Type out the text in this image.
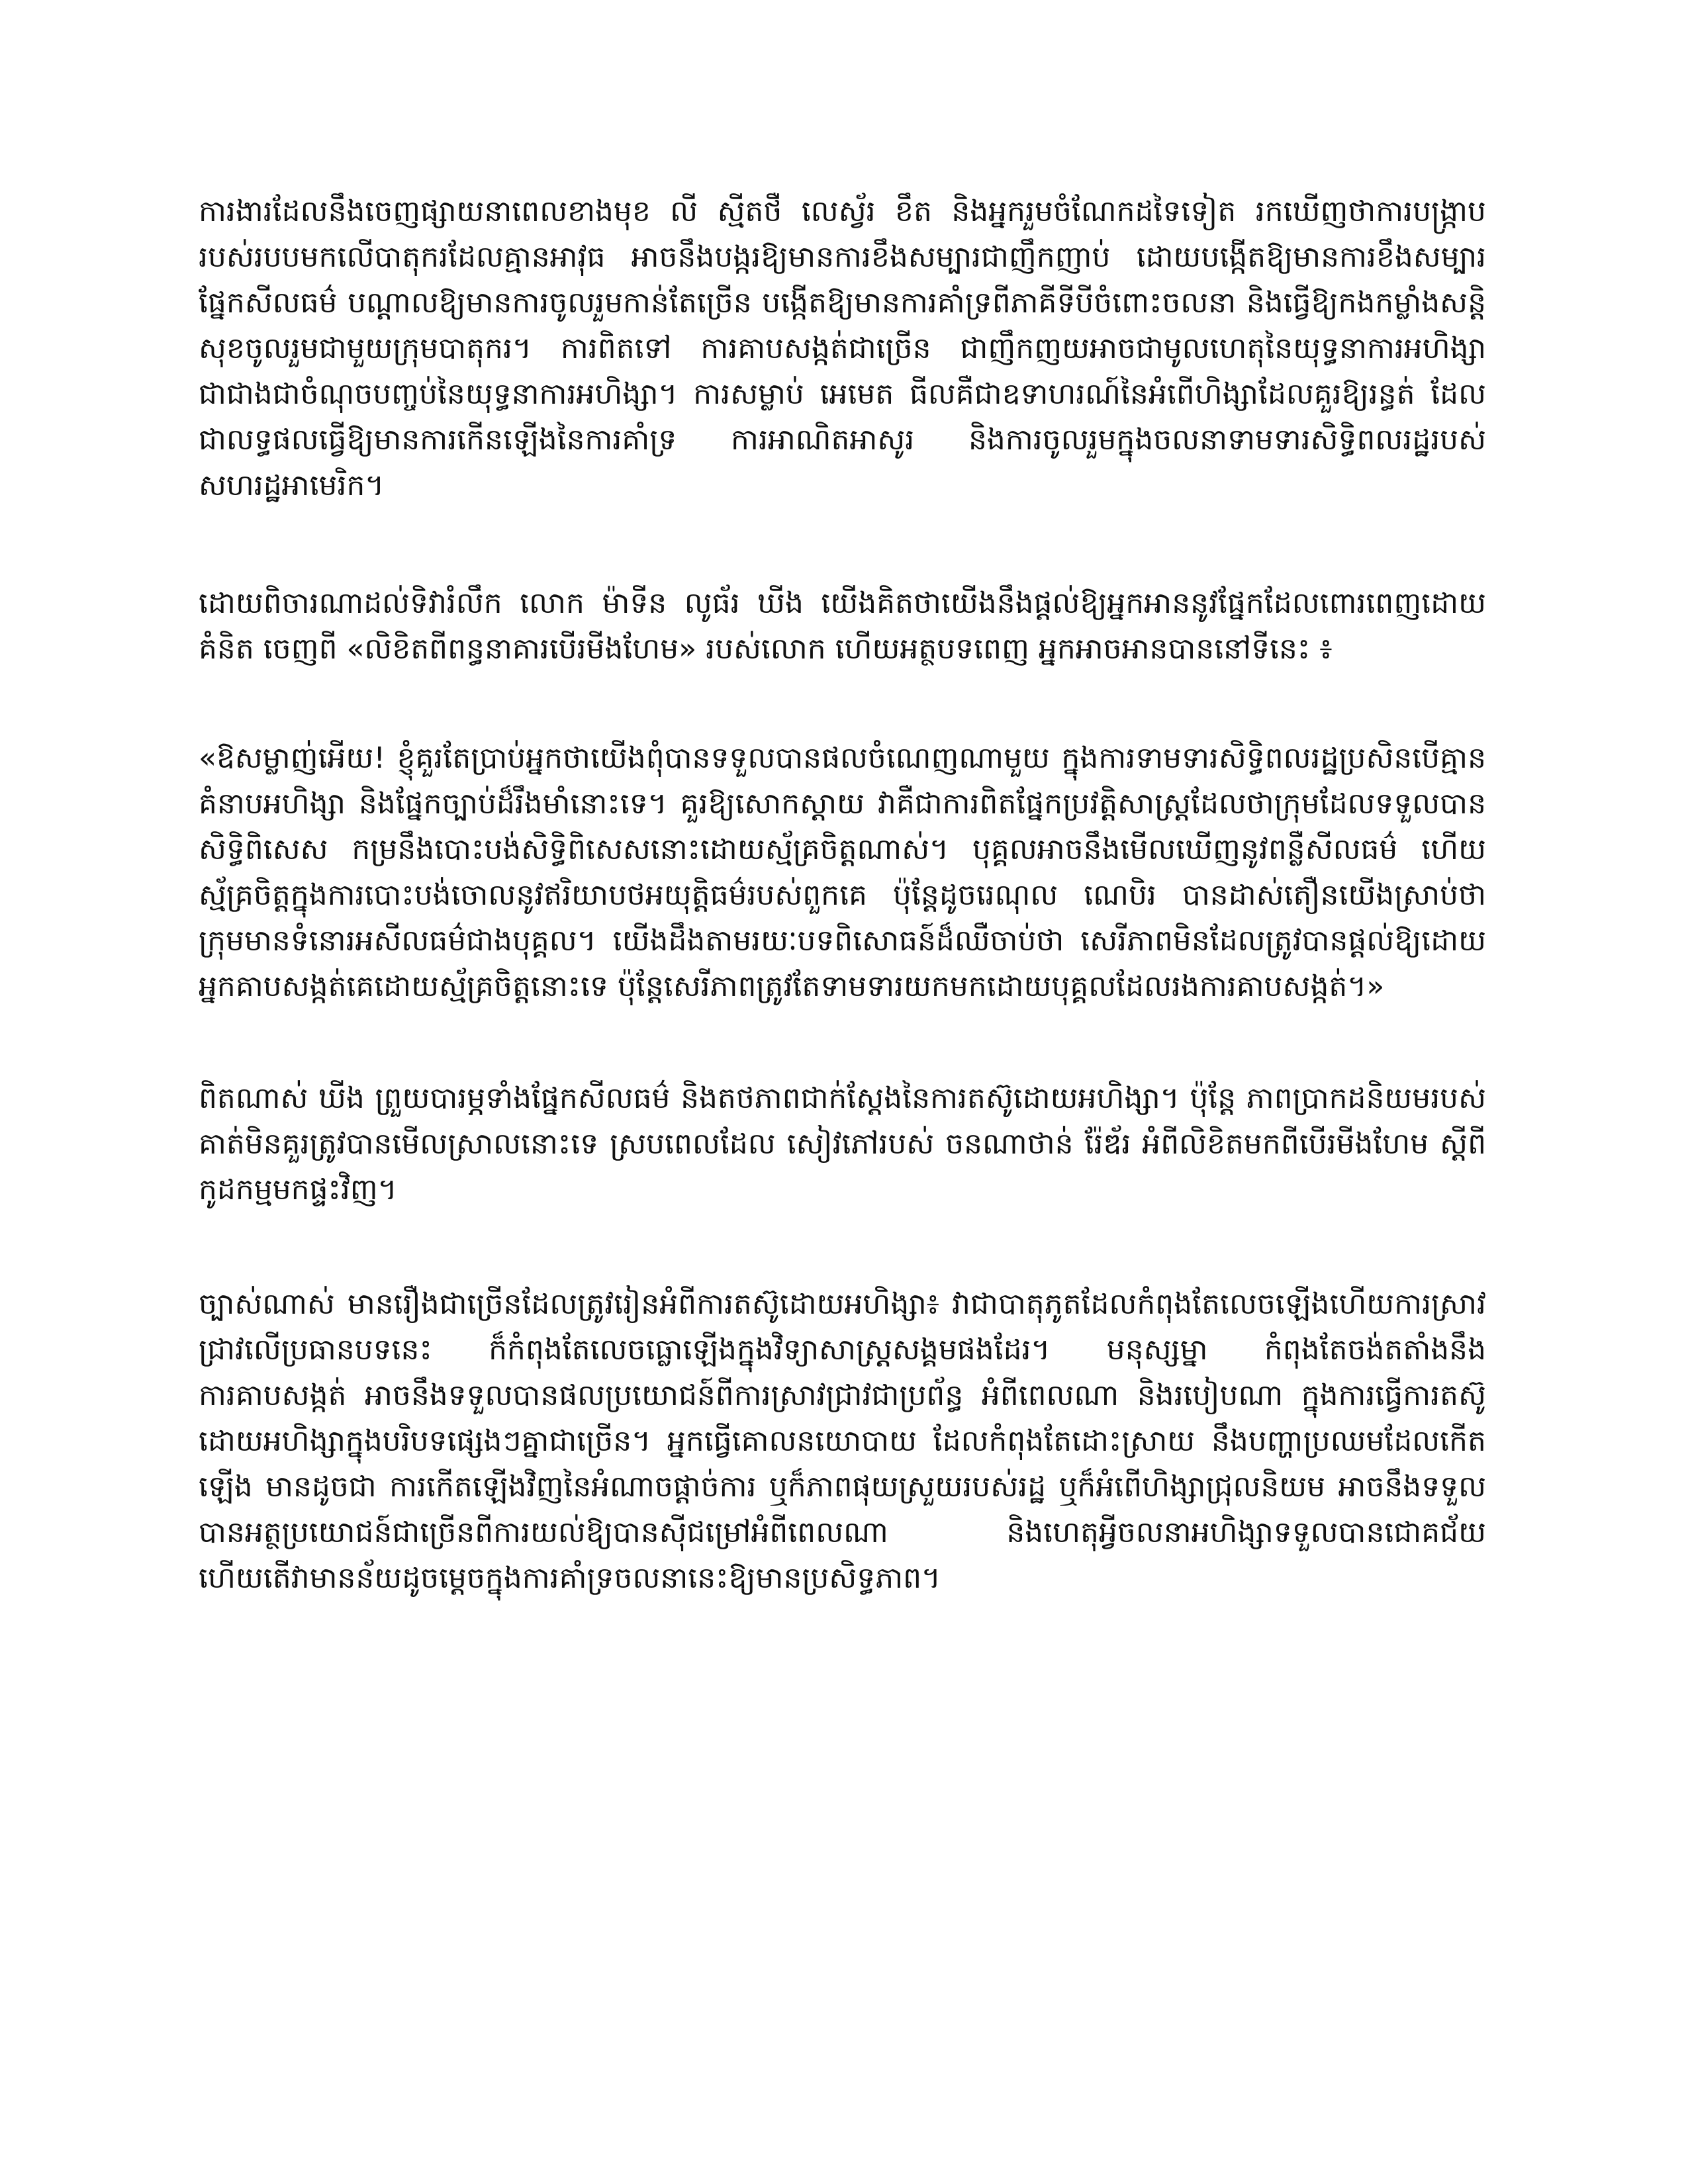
ការងារដែលនឹងចេញផ្សាយនាពេលខាងមុខ លី ស្មីតថឺ លេស្វ័រ ខឹត និងអ្នករួមចំណែកដទៃទៀត រកឃើញថាការបង្ក្រាបរបស់របបមកលើបាតុករដែលគ្មានអាវុធ អាចនឹងបង្ករឱ្យមានការខឹងសម្បារជាញឹកញាប់ ដោយបង្កើតឱ្យមានការខឹងសម្បារផ្នែកសីលធម៌ បណ្ដាលឱ្យមានការចូលរួមកាន់តែច្រើន បង្កើតឱ្យមានការគាំទ្រពីភាគីទីបីចំពោះចលនា និងធ្វើឱ្យកងកម្លាំងសន្តិសុខចូលរួមជាមួយក្រុមបាតុករ។ ការពិតទៅ ការគាបសង្កត់ជាច្រើន ជាញឹកញយអាចជាមូលហេតុនៃយុទ្ធនាការអហិង្សា ជាជាងជាចំណុចបញ្ចប់នៃយុទ្ធនាការអហិង្សា។ ការសម្លាប់ អេមេត ធីលគឺជាឧទាហរណ៍នៃអំពើហិង្សាដែលគួរឱ្យរន្ធត់ ដែលជាលទ្ធផលធ្វើឱ្យមានការកើនឡើងនៃការគាំទ្រ ការអាណិតអាសូរ និងការចូលរួមក្នុងចលនាទាមទារសិទ្ធិពលរដ្ឋរបស់សហរដ្ឋអាមេរិក។

ដោយពិចារណាដល់ទិវារំលឹក លោក ម៉ាទីន លូធ័រ ឃីង យើងគិតថាយើងនឹងផ្តល់ឱ្យអ្នកអាននូវផ្នែកដែលពោរពេញដោយគំនិត ចេញពី «លិខិតពីពន្ធនាគារបើរមីងហែម» របស់លោក ហើយអត្ថបទពេញ អ្នកអាចអានបាននៅទីនេះ ៖

«ឱសម្លាញ់អើយ! ខ្ញុំគួរតែប្រាប់អ្នកថាយើងពុំបានទទួលបានផលចំណេញណាមួយ ក្នុងការទាមទារសិទ្ធិពលរដ្ឋប្រសិនបើគ្មានគំនាបអហិង្សា និងផ្នែកច្បាប់ដ៏រឹងមាំនោះទេ។ គួរឱ្យសោកស្ដាយ វាគឺជាការពិតផ្នែកប្រវត្តិសាស្ត្រដែលថាក្រុមដែលទទួលបានសិទ្ធិពិសេស កម្រនឹងបោះបង់សិទ្ធិពិសេសនោះដោយស្ម័គ្រចិត្តណាស់។ បុគ្គលអាចនឹងមើលឃើញនូវពន្លឺសីលធម៌ ហើយស្ម័គ្រចិត្តក្នុងការបោះបង់ចោលនូវឥរិយាបថអយុត្តិធម៌របស់ពួកគេ ប៉ុន្តែដូចរេណុល ណេបិរ បានដាស់តឿនយើងស្រាប់ថា ក្រុមមានទំនោរអសីលធម៌ជាងបុគ្គល។ យើងដឹងតាមរយៈបទពិសោធន៍ដ៏ឈឺចាប់ថា សេរីភាពមិនដែលត្រូវបានផ្តល់ឱ្យដោយអ្នកគាបសង្កត់គេដោយស្ម័គ្រចិត្តនោះទេ ប៉ុន្តែសេរីភាពត្រូវតែទាមទារយកមកដោយបុគ្គលដែលរងការគាបសង្កត់។»

ពិតណាស់ ឃីង ព្រួយបារម្ភទាំងផ្នែកសីលធម៌ និងតថភាពជាក់ស្តែងនៃការតស៊ូដោយអហិង្សា។ ប៉ុន្តែ ភាពប្រាកដនិយមរបស់គាត់មិនគួរត្រូវបានមើលស្រាលនោះទេ ស្របពេលដែល សៀវភៅរបស់ ចនណាថាន់ រ៉ែឌ័រ អំពីលិខិតមកពីបើរមីងហែម ស្តីពីកូដកម្មមកផ្ទះវិញ។

ច្បាស់ណាស់ មានរឿងជាច្រើនដែលត្រូវរៀនអំពីការតស៊ូដោយអហិង្សា៖ វាជាបាតុភូតដែលកំពុងតែលេចឡើងហើយការស្រាវជ្រាវលើប្រធានបទនេះ ក៏កំពុងតែលេចធ្លោឡើងក្នុងវិទ្យាសាស្ត្រសង្គមផងដែរ។ មនុស្សម្នា កំពុងតែចង់តតាំងនឹងការគាបសង្កត់ អាចនឹងទទួលបានផលប្រយោជន៍ពីការស្រាវជ្រាវជាប្រព័ន្ធ អំពីពេលណា និងរបៀបណា ក្នុងការធ្វើការតស៊ូដោយអហិង្សាក្នុងបរិបទផ្សេងៗគ្នាជាច្រើន។ អ្នកធ្វើគោលនយោបាយ ដែលកំពុងតែដោះស្រាយ នឹងបញ្ហាប្រឈមដែលកើតឡើង មានដូចជា ការកើតឡើងវិញនៃអំណាចផ្តាច់ការ ឬក៏ភាពផុយស្រួយរបស់រដ្ឋ ឬក៏អំពើហិង្សាជ្រុលនិយម អាចនឹងទទួលបានអត្ថប្រយោជន៍ជាច្រើនពីការយល់ឱ្យបានស៊ីជម្រៅអំពីពេលណា និងហេតុអ្វីចលនាអហិង្សាទទួលបានជោគជ័យ ហើយតើវាមានន័យដូចម្តេចក្នុងការគាំទ្រចលនានេះឱ្យមានប្រសិទ្ធភាព។
